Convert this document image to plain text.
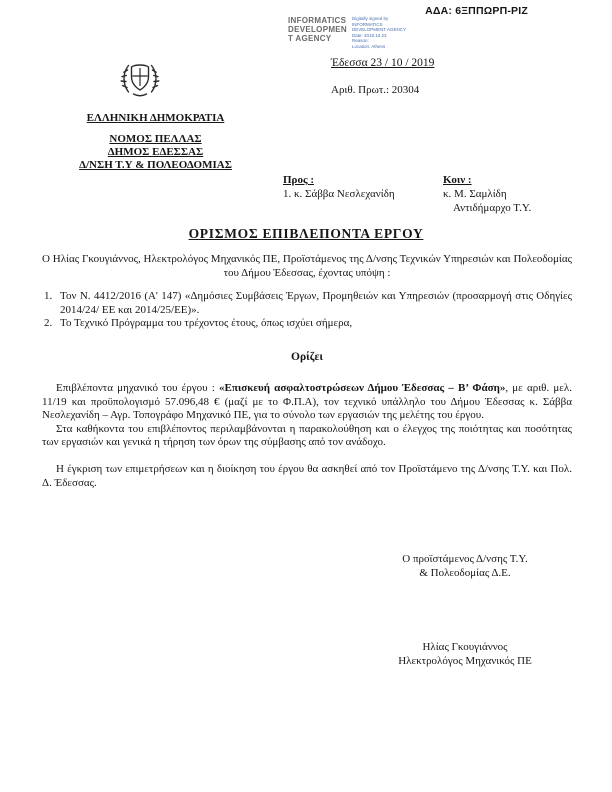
ΑΔΑ: 6ΞΠΠΩΡΠ-ΡΙΖ
INFORMATICS
DEVELOPMEN
T AGENCY
Digitally signed by
INFORMATICS
DEVELOPMENT AGENCY
Date: 2019.10.23
Reason:
Location: Athens
Έδεσσα 23 / 10 / 2019
Αριθ. Πρωτ.: 20304
ΕΛΛΗΝΙΚΗ ΔΗΜΟΚΡΑΤΙΑ
ΝΟΜΟΣ ΠΕΛΛΑΣ
ΔΗΜΟΣ ΕΔΕΣΣΑΣ
Δ/ΝΣΗ Τ.Υ & ΠΟΛΕΟΔΟΜΙΑΣ
Προς :
1. κ. Σάββα Νεσλεχανίδη
Κοιν :
κ. Μ. Σαμλίδη
Αντιδήμαρχο Τ.Υ.
ΟΡΙΣΜΟΣ ΕΠΙΒΛΕΠΟΝΤΑ ΕΡΓΟΥ

Ο Ηλίας Γκουγιάννος, Ηλεκτρολόγος Μηχανικός ΠΕ, Προϊστάμενος της Δ/νσης Τεχνικών Υπηρεσιών και Πολεοδομίας του Δήμου Έδεσσας, έχοντας υπόψη :

1. Τον Ν. 4412/2016 (Α' 147) «Δημόσιες Συμβάσεις Έργων, Προμηθειών και Υπηρεσιών (προσαρμογή στις Οδηγίες 2014/24/ ΕΕ και 2014/25/ΕΕ)».
2. Το Τεχνικό Πρόγραμμα του τρέχοντος έτους, όπως ισχύει σήμερα,

Ορίζει

Επιβλέποντα μηχανικό του έργου : «Επισκευή ασφαλτοστρώσεων Δήμου Έδεσσας – Β’ Φάση», με αριθ. μελ. 11/19 και προϋπολογισμό 57.096,48 € (μαζί με το Φ.Π.Α), τον τεχνικό υπάλληλο του Δήμου Έδεσσας κ. Σάββα Νεσλεχανίδη – Αγρ. Τοπογράφο Μηχανικό ΠΕ, για το σύνολο των εργασιών της μελέτης του έργου.

Στα καθήκοντα του επιβλέποντος περιλαμβάνονται η παρακολούθηση και ο έλεγχος της ποιότητας και ποσότητας των εργασιών και γενικά η τήρηση των όρων της σύμβασης από τον ανάδοχο.

Η έγκριση των επιμετρήσεων και η διοίκηση του έργου θα ασκηθεί από τον Προϊστάμενο της Δ/νσης Τ.Υ. και Πολ. Δ. Έδεσσας.

Ο προϊστάμενος Δ/νσης Τ.Υ.
& Πολεοδομίας Δ.Ε.
Ηλίας Γκουγιάννος
Ηλεκτρολόγος Μηχανικός ΠΕ
